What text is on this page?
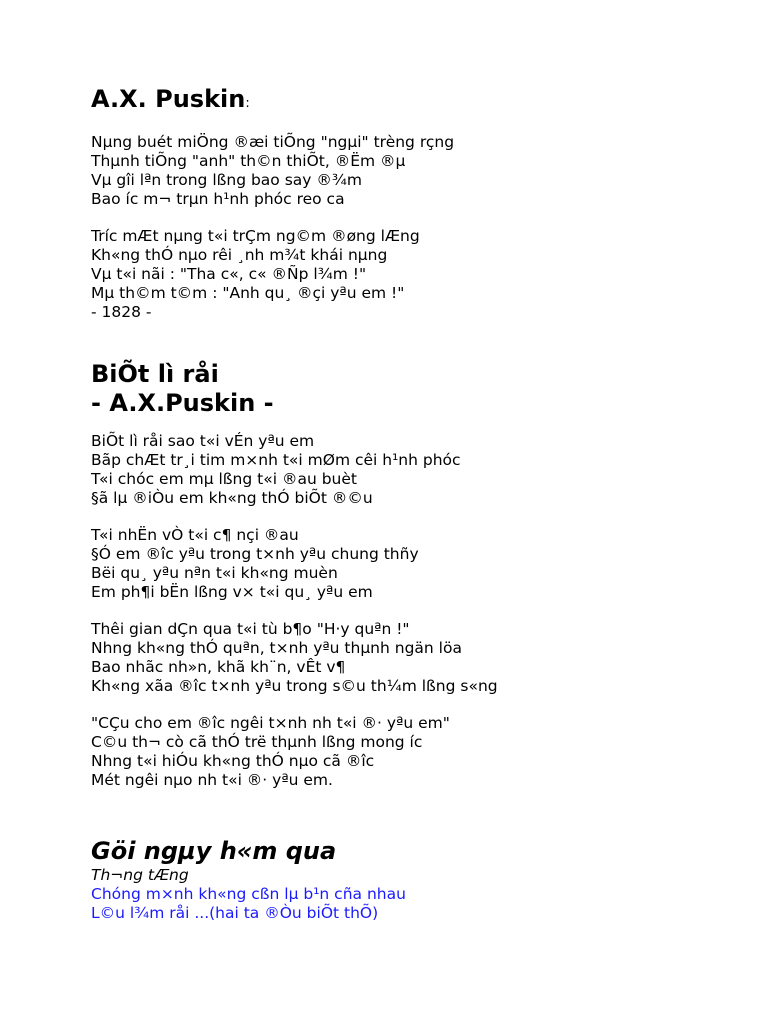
A.X. Puskin:
Nµng buét miÖng ®æi tiÕng "ngµi" trèng rçng
Thµnh tiÕng "anh" th©n thiÕt, ®Ëm ®µ
Vµ gîi lªn trong lßng bao say ®¾m
Bao íc m¬ trµn h¹nh phóc reo ca
Tríc mÆt nµng t«i trÇm ng©m ®øng lÆng
Kh«ng thÓ nµo rêi ¸nh m¾t khái nµng
Vµ t«i nãi : "Tha c«, c« ®Ñp l¾m !"
Mµ th©m t©m : "Anh qu¸ ®çi yªu em !"
- 1828 -
BiÕt lì råi
- A.X.Puskin -
BiÕt lì råi sao t«i vÉn yªu em
Bãp chÆt tr¸i tim m×nh t«i mØm cêi h¹nh phóc
T«i chóc em mµ lßng t«i ®au buèt
§ã lµ ®iÒu em kh«ng thÓ biÕt ®©u
T«i nhËn vÒ t«i c¶ nçi ®au
§Ó em ®îc yªu trong t×nh yªu chung thñy
Bëi qu¸ yªu nªn t«i kh«ng muèn
Em ph¶i bËn lßng v× t«i qu¸ yªu em
Thêi gian dÇn qua t«i tù b¶o "H·y quªn !"
Nhng kh«ng thÓ quªn, t×nh yªu thµnh ngän löa
Bao nhãc nh»n, khã kh¨n, vÊt v¶
Kh«ng xãa ®îc t×nh yªu trong s©u th¼m lßng s«ng
"CÇu cho em ®îc ngêi t×nh nh t«i ®· yªu em"
C©u th¬ cò cã thÓ trë thµnh lßng mong íc
Nhng t«i hiÓu kh«ng thÓ nµo cã ®îc
Mét ngêi nµo nh t«i ®· yªu em.
Göi ngµy h«m qua
Th¬ng tÆng
Chóng m×nh kh«ng cßn lµ b¹n cña nhau
L©u l¾m råi ...(hai ta ®Òu biÕt thÕ)
